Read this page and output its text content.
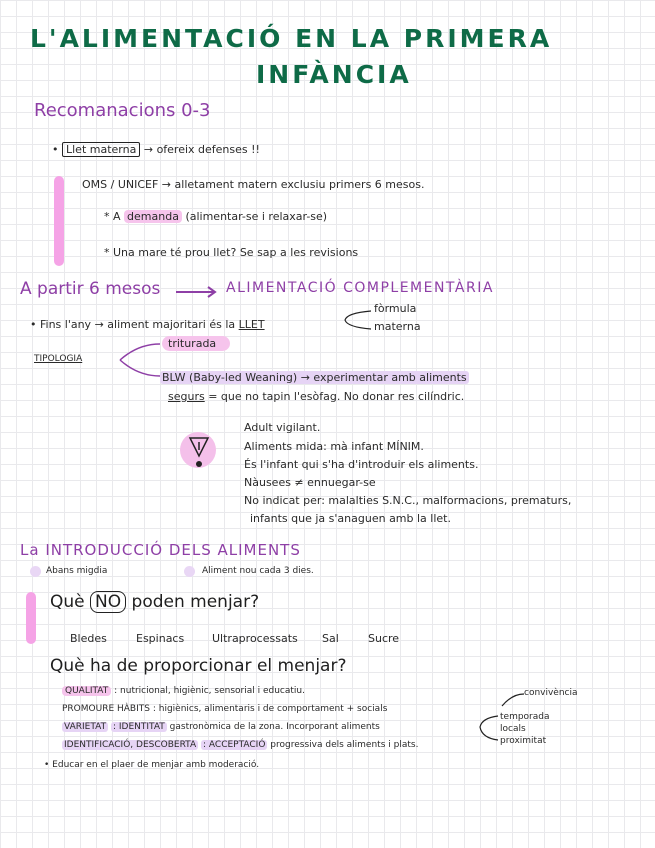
L'ALIMENTACIÓ EN LA PRIMERA
INFÀNCIA
Recomanacions 0-3
• Llet materna → ofereix defenses !!
OMS / UNICEF → alletament matern exclusiu primers 6 mesos.
* A demanda (alimentar-se i relaxar-se)
* Una mare té prou llet? Se sap a les revisions
A partir 6 mesos	ALIMENTACIÓ COMPLEMENTÀRIA
• Fins l'any → aliment majoritari és la LLET
fòrmula
materna
TIPOLOGIA
triturada
BLW (Baby-led Weaning) → experimentar amb aliments
segurs = que no tapin l'esòfag. No donar res cilíndric.
Adult vigilant.
Aliments mida: mà infant MÍNIM.
És l'infant qui s'ha d'introduir els aliments.
Nàusees ≠ ennuegar-se
No indicat per: malalties S.N.C., malformacions, prematurs,
infants que ja s'anaguen amb la llet.
La INTRODUCCIÓ DELS ALIMENTS
Abans migdia	Aliment nou cada 3 dies.
Què NO poden menjar?
Bledes	Espinacs	Ultraprocessats Sal	Sucre
Què ha de proporcionar el menjar?
QUALITAT : nutricional, higiènic, sensorial i educatiu.
PROMOURE HÀBITS : higiènics, alimentaris i de comportament + socials
VARIETAT : IDENTITAT gastronòmica de la zona. Incorporant aliments
IDENTIFICACIÓ, DESCOBERTA : ACCEPTACIÓ progressiva dels aliments i plats.
convivència
temporada
locals
proximitat
• Educar en el plaer de menjar amb moderació.
